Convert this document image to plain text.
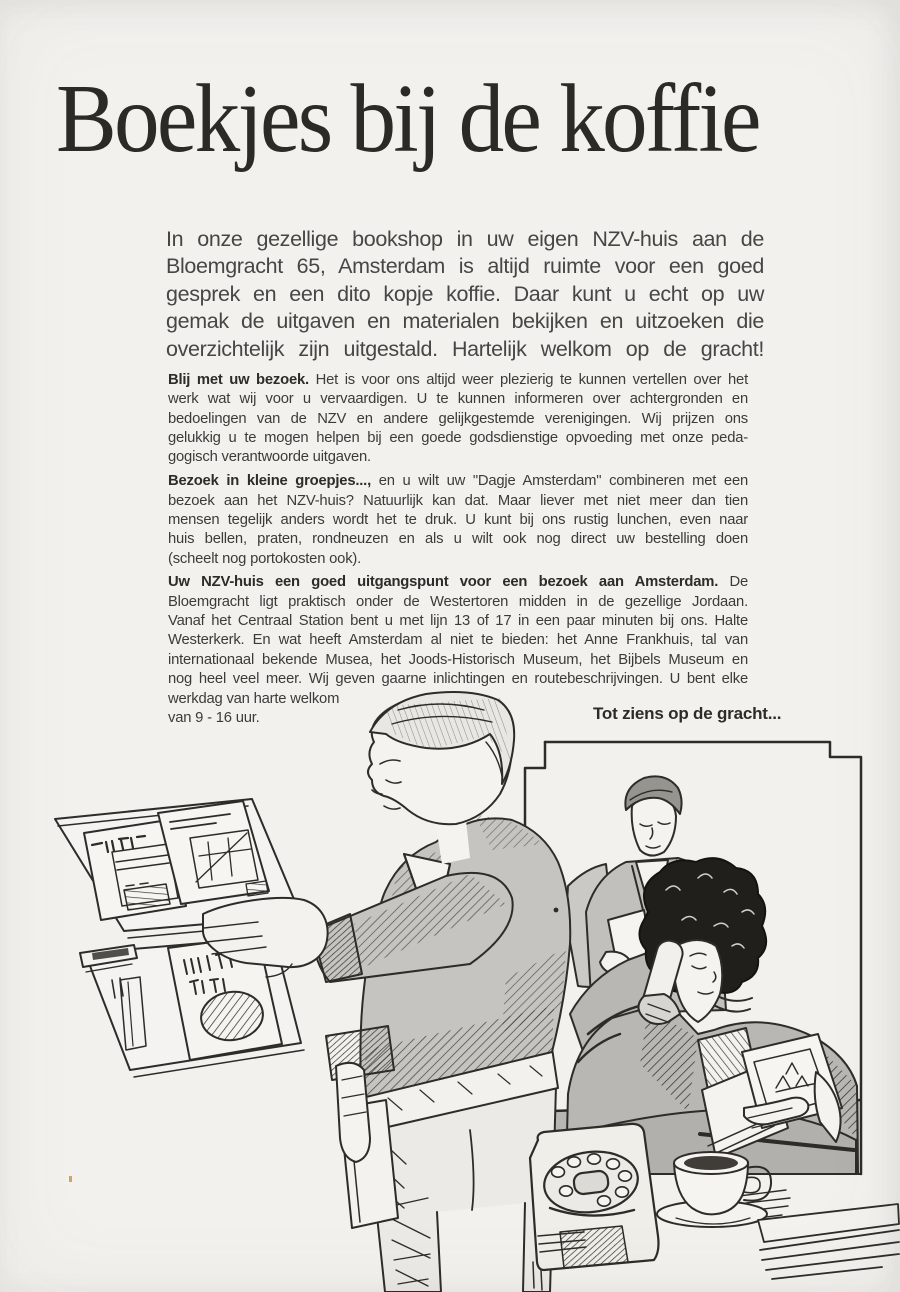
Boekjes bij de koffie
In onze gezellige bookshop in uw eigen NZV-huis aan de
Bloemgracht 65, Amsterdam is altijd ruimte voor een goed
gesprek en een dito kopje koffie. Daar kunt u echt op uw
gemak de uitgaven en materialen bekijken en uitzoeken die
overzichtelijk zijn uitgestald. Hartelijk welkom op de gracht!
Blij met uw bezoek. Het is voor ons altijd weer plezierig te kunnen vertellen over het
werk wat wij voor u vervaardigen. U te kunnen informeren over achtergronden en
bedoelingen van de NZV en andere gelijkgestemde verenigingen. Wij prijzen ons
gelukkig u te mogen helpen bij een goede godsdienstige opvoeding met onze peda-
gogisch verantwoorde uitgaven.
Bezoek in kleine groepjes..., en u wilt uw "Dagje Amsterdam" combineren met een
bezoek aan het NZV-huis? Natuurlijk kan dat. Maar liever met niet meer dan tien
mensen tegelijk anders wordt het te druk. U kunt bij ons rustig lunchen, even naar
huis bellen, praten, rondneuzen en als u wilt ook nog direct uw bestelling doen
(scheelt nog portokosten ook).
Uw NZV-huis een goed uitgangspunt voor een bezoek aan Amsterdam. De
Bloemgracht ligt praktisch onder de Westertoren midden in de gezellige Jordaan.
Vanaf het Centraal Station bent u met lijn 13 of 17 in een paar minuten bij ons. Halte
Westerkerk. En wat heeft Amsterdam al niet te bieden: het Anne Frankhuis, tal van
internationaal bekende Musea, het Joods-Historisch Museum, het Bijbels Museum en
nog heel veel meer. Wij geven gaarne inlichtingen en routebeschrijvingen. U bent elke
werkdag van harte welkom
van 9 - 16 uur.	Tot ziens op de gracht...
